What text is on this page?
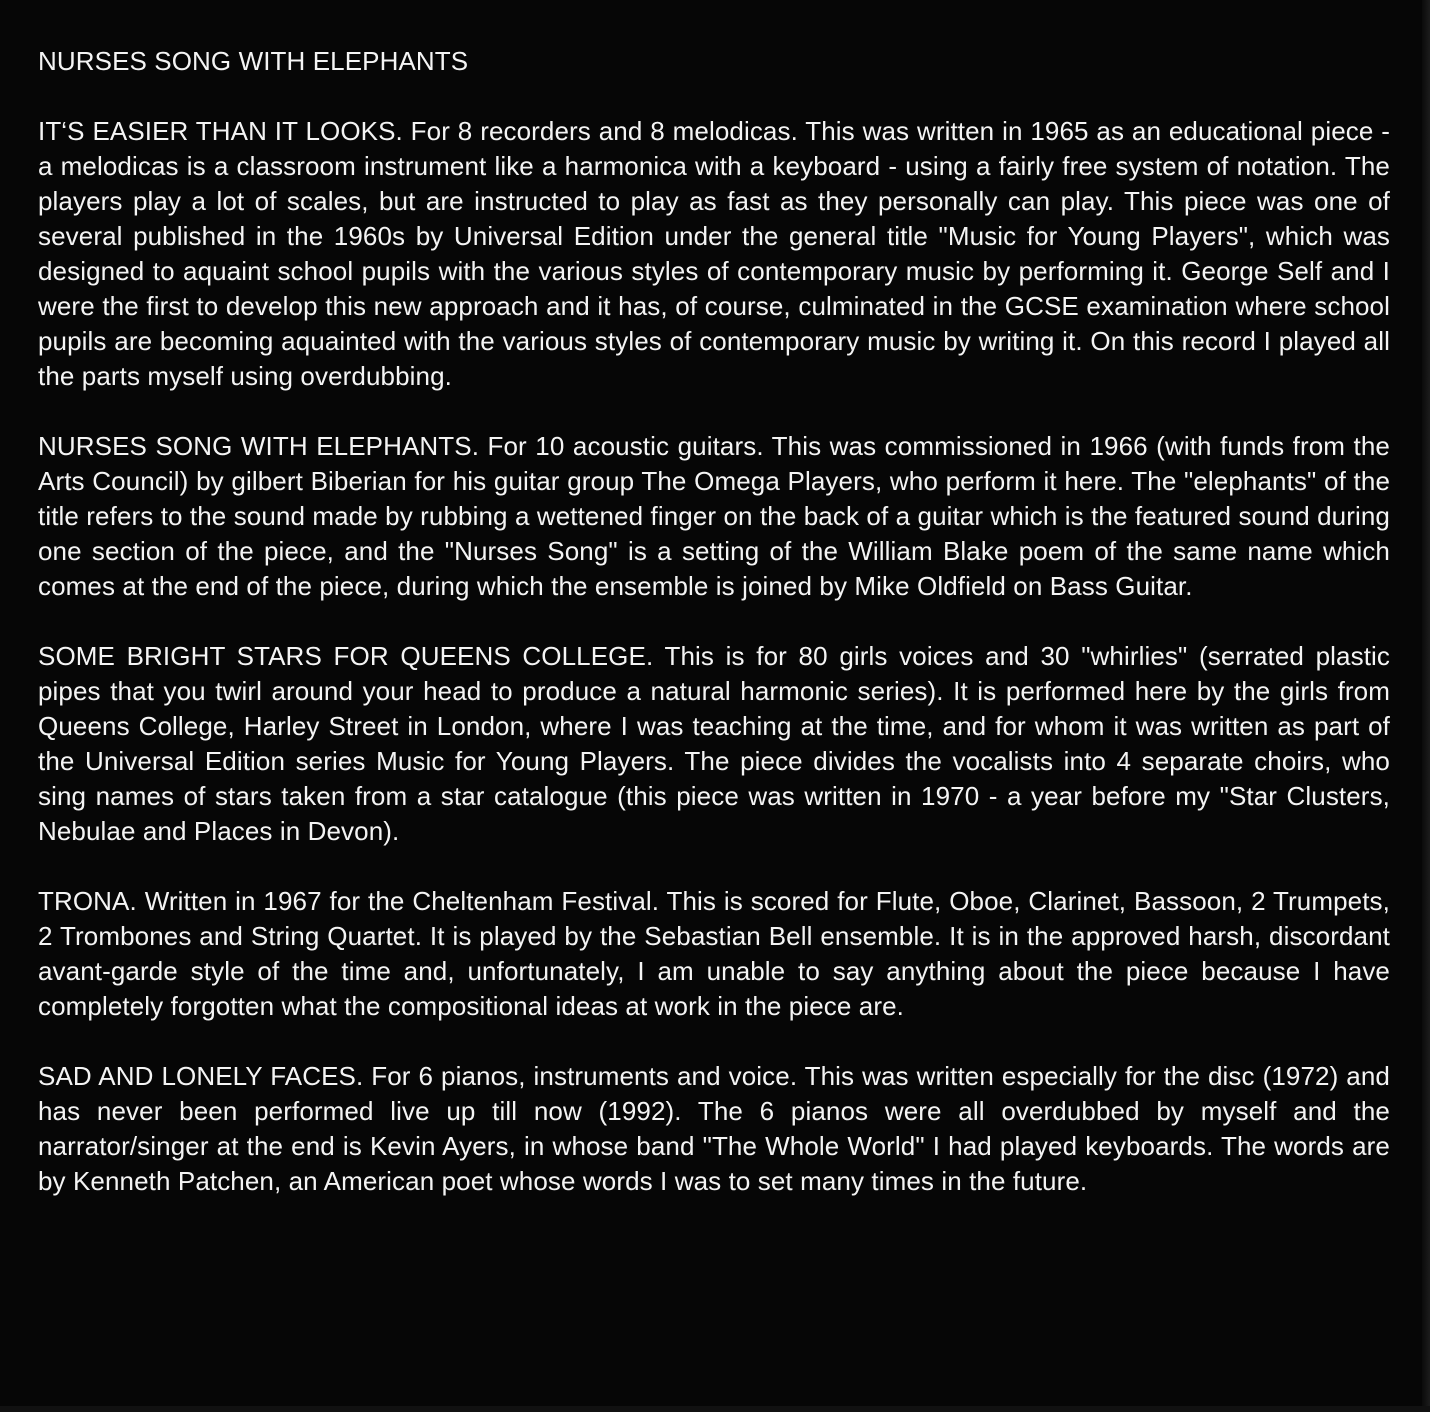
NURSES SONG WITH ELEPHANTS

IT‘S EASIER THAN IT LOOKS. For 8 recorders and 8 melodicas. This was written in 1965 as an educational piece - a melodicas is a classroom instrument like a harmonica with a keyboard - using a fairly free system of notation. The players play a lot of scales, but are instructed to play as fast as they personally can play. This piece was one of several published in the 1960s by Universal Edition under the general title "Music for Young Players", which was designed to aquaint school pupils with the various styles of contemporary music by performing it. George Self and I were the first to develop this new approach and it has, of course, culminated in the GCSE examination where school pupils are becoming aquainted with the various styles of contemporary music by writing it. On this record I played all the parts myself using overdubbing.

NURSES SONG WITH ELEPHANTS. For 10 acoustic guitars. This was commissioned in 1966 (with funds from the Arts Council) by gilbert Biberian for his guitar group The Omega Players, who perform it here. The "elephants" of the title refers to the sound made by rubbing a wettened finger on the back of a guitar which is the featured sound during one section of the piece, and the "Nurses Song" is a setting of the William Blake poem of the same name which comes at the end of the piece, during which the ensemble is joined by Mike Oldfield on Bass Guitar.

SOME BRIGHT STARS FOR QUEENS COLLEGE. This is for 80 girls voices and 30 "whirlies" (serrated plastic pipes that you twirl around your head to produce a natural harmonic series). It is performed here by the girls from Queens College, Harley Street in London, where I was teaching at the time, and for whom it was written as part of the Universal Edition series Music for Young Players. The piece divides the vocalists into 4 separate choirs, who sing names of stars taken from a star catalogue (this piece was written in 1970 - a year before my "Star Clusters, Nebulae and Places in Devon).

TRONA. Written in 1967 for the Cheltenham Festival. This is scored for Flute, Oboe, Clarinet, Bassoon, 2 Trumpets, 2 Trombones and String Quartet. It is played by the Sebastian Bell ensemble. It is in the approved harsh, discordant avant-garde style of the time and, unfortunately, I am unable to say anything about the piece because I have completely forgotten what the compositional ideas at work in the piece are.

SAD AND LONELY FACES. For 6 pianos, instruments and voice. This was written especially for the disc (1972) and has never been performed live up till now (1992). The 6 pianos were all overdubbed by myself and the narrator/singer at the end is Kevin Ayers, in whose band "The Whole World" I had played keyboards. The words are by Kenneth Patchen, an American poet whose words I was to set many times in the future.
